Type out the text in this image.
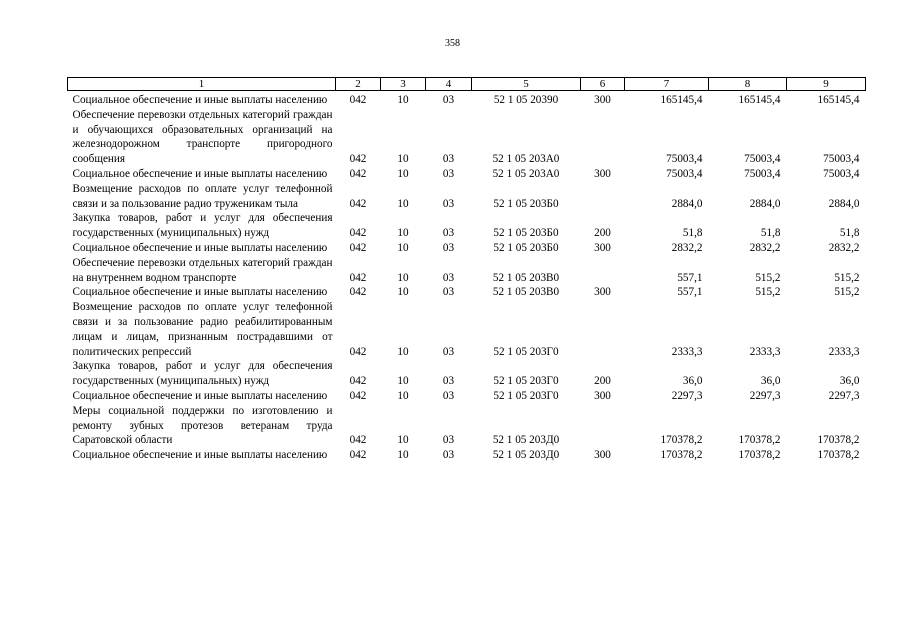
358
1	2	3	4	5	6	7	8	9
Социальное обеспечение и иные выплаты населению	042	10	03	52 1 05 20390	300	165145,4	165145,4	165145,4
Обеспечение перевозки отдельных категорий граждан и обучающихся образовательных организаций на железнодорожном транспорте пригородного сообщения	042	10	03	52 1 05 203А0		75003,4	75003,4	75003,4
Социальное обеспечение и иные выплаты населению	042	10	03	52 1 05 203А0	300	75003,4	75003,4	75003,4
Возмещение расходов по оплате услуг телефонной связи и за пользование радио труженикам тыла	042	10	03	52 1 05 203Б0		2884,0	2884,0	2884,0
Закупка товаров, работ и услуг для обеспечения государственных (муниципальных) нужд	042	10	03	52 1 05 203Б0	200	51,8	51,8	51,8
Социальное обеспечение и иные выплаты населению	042	10	03	52 1 05 203Б0	300	2832,2	2832,2	2832,2
Обеспечение перевозки отдельных категорий граждан на внутреннем водном транспорте	042	10	03	52 1 05 203В0		557,1	515,2	515,2
Социальное обеспечение и иные выплаты населению	042	10	03	52 1 05 203В0	300	557,1	515,2	515,2
Возмещение расходов по оплате услуг телефонной связи и за пользование радио реабилитированным лицам и лицам, признанным пострадавшими от политических репрессий	042	10	03	52 1 05 203Г0		2333,3	2333,3	2333,3
Закупка товаров, работ и услуг для обеспечения государственных (муниципальных) нужд	042	10	03	52 1 05 203Г0	200	36,0	36,0	36,0
Социальное обеспечение и иные выплаты населению	042	10	03	52 1 05 203Г0	300	2297,3	2297,3	2297,3
Меры социальной поддержки по изготовлению и ремонту зубных протезов ветеранам труда Саратовской области	042	10	03	52 1 05 203Д0		170378,2	170378,2	170378,2
Социальное обеспечение и иные выплаты населению	042	10	03	52 1 05 203Д0	300	170378,2	170378,2	170378,2
